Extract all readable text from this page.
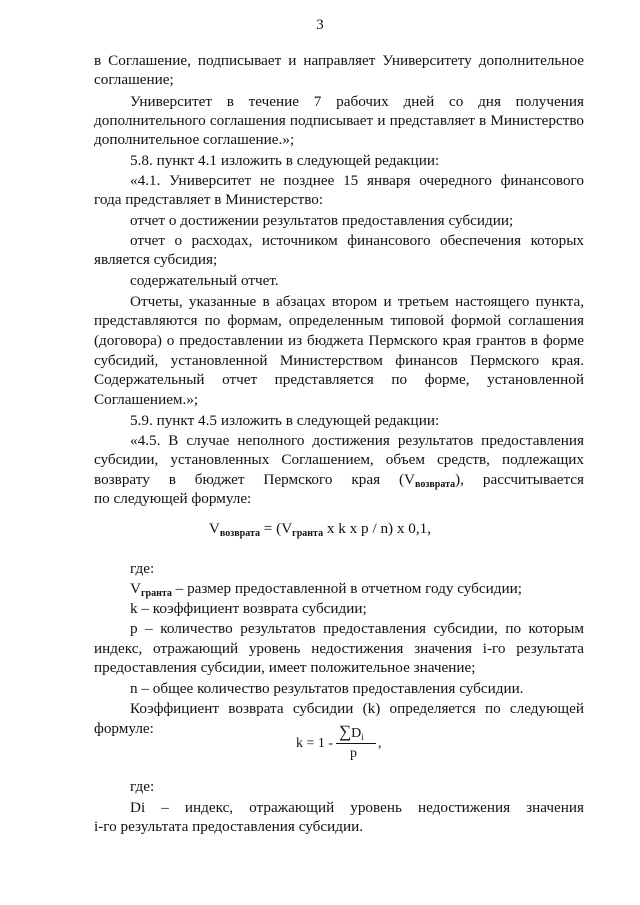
3
в Соглашение, подписывает и направляет Университету дополнительное
соглашение;
Университет в течение 7 рабочих дней со дня получения
дополнительного соглашения подписывает и представляет в Министерство
дополнительное соглашение.»;
5.8. пункт 4.1 изложить в следующей редакции:
«4.1. Университет не позднее 15 января очередного финансового
года представляет в Министерство:
отчет о достижении результатов предоставления субсидии;
отчет о расходах, источником финансового обеспечения которых
является субсидия;
содержательный отчет.
Отчеты, указанные в абзацах втором и третьем настоящего пункта,
представляются по формам, определенным типовой формой соглашения
(договора) о предоставлении из бюджета Пермского края грантов в форме
субсидий, установленной Министерством финансов Пермского края.
Содержательный отчет представляется по форме, установленной
Соглашением.»;
5.9. пункт 4.5 изложить в следующей редакции:
«4.5. В случае неполного достижения результатов предоставления
субсидии, установленных Соглашением, объем средств, подлежащих
возврату в бюджет Пермского края $(V_{возврата})$, рассчитывается
по следующей формуле:
$V_{возврата} = (V_{гранта}$ x k x p / n) x 0,1,
где:
$V_{гранта}$ – размер предоставленной в отчетном году субсидии;
k – коэффициент возврата субсидии;
p – количество результатов предоставления субсидии, по которым
индекс, отражающий уровень недостижения значения i-го результата
предоставления субсидии, имеет положительное значение;
n – общее количество результатов предоставления субсидии.
Коэффициент возврата субсидии (k) определяется по следующей
формуле:
k = 1 -
$\sum D_i$
p
,
где:
Di – индекс, отражающий уровень недостижения значения
i-го результата предоставления субсидии.
